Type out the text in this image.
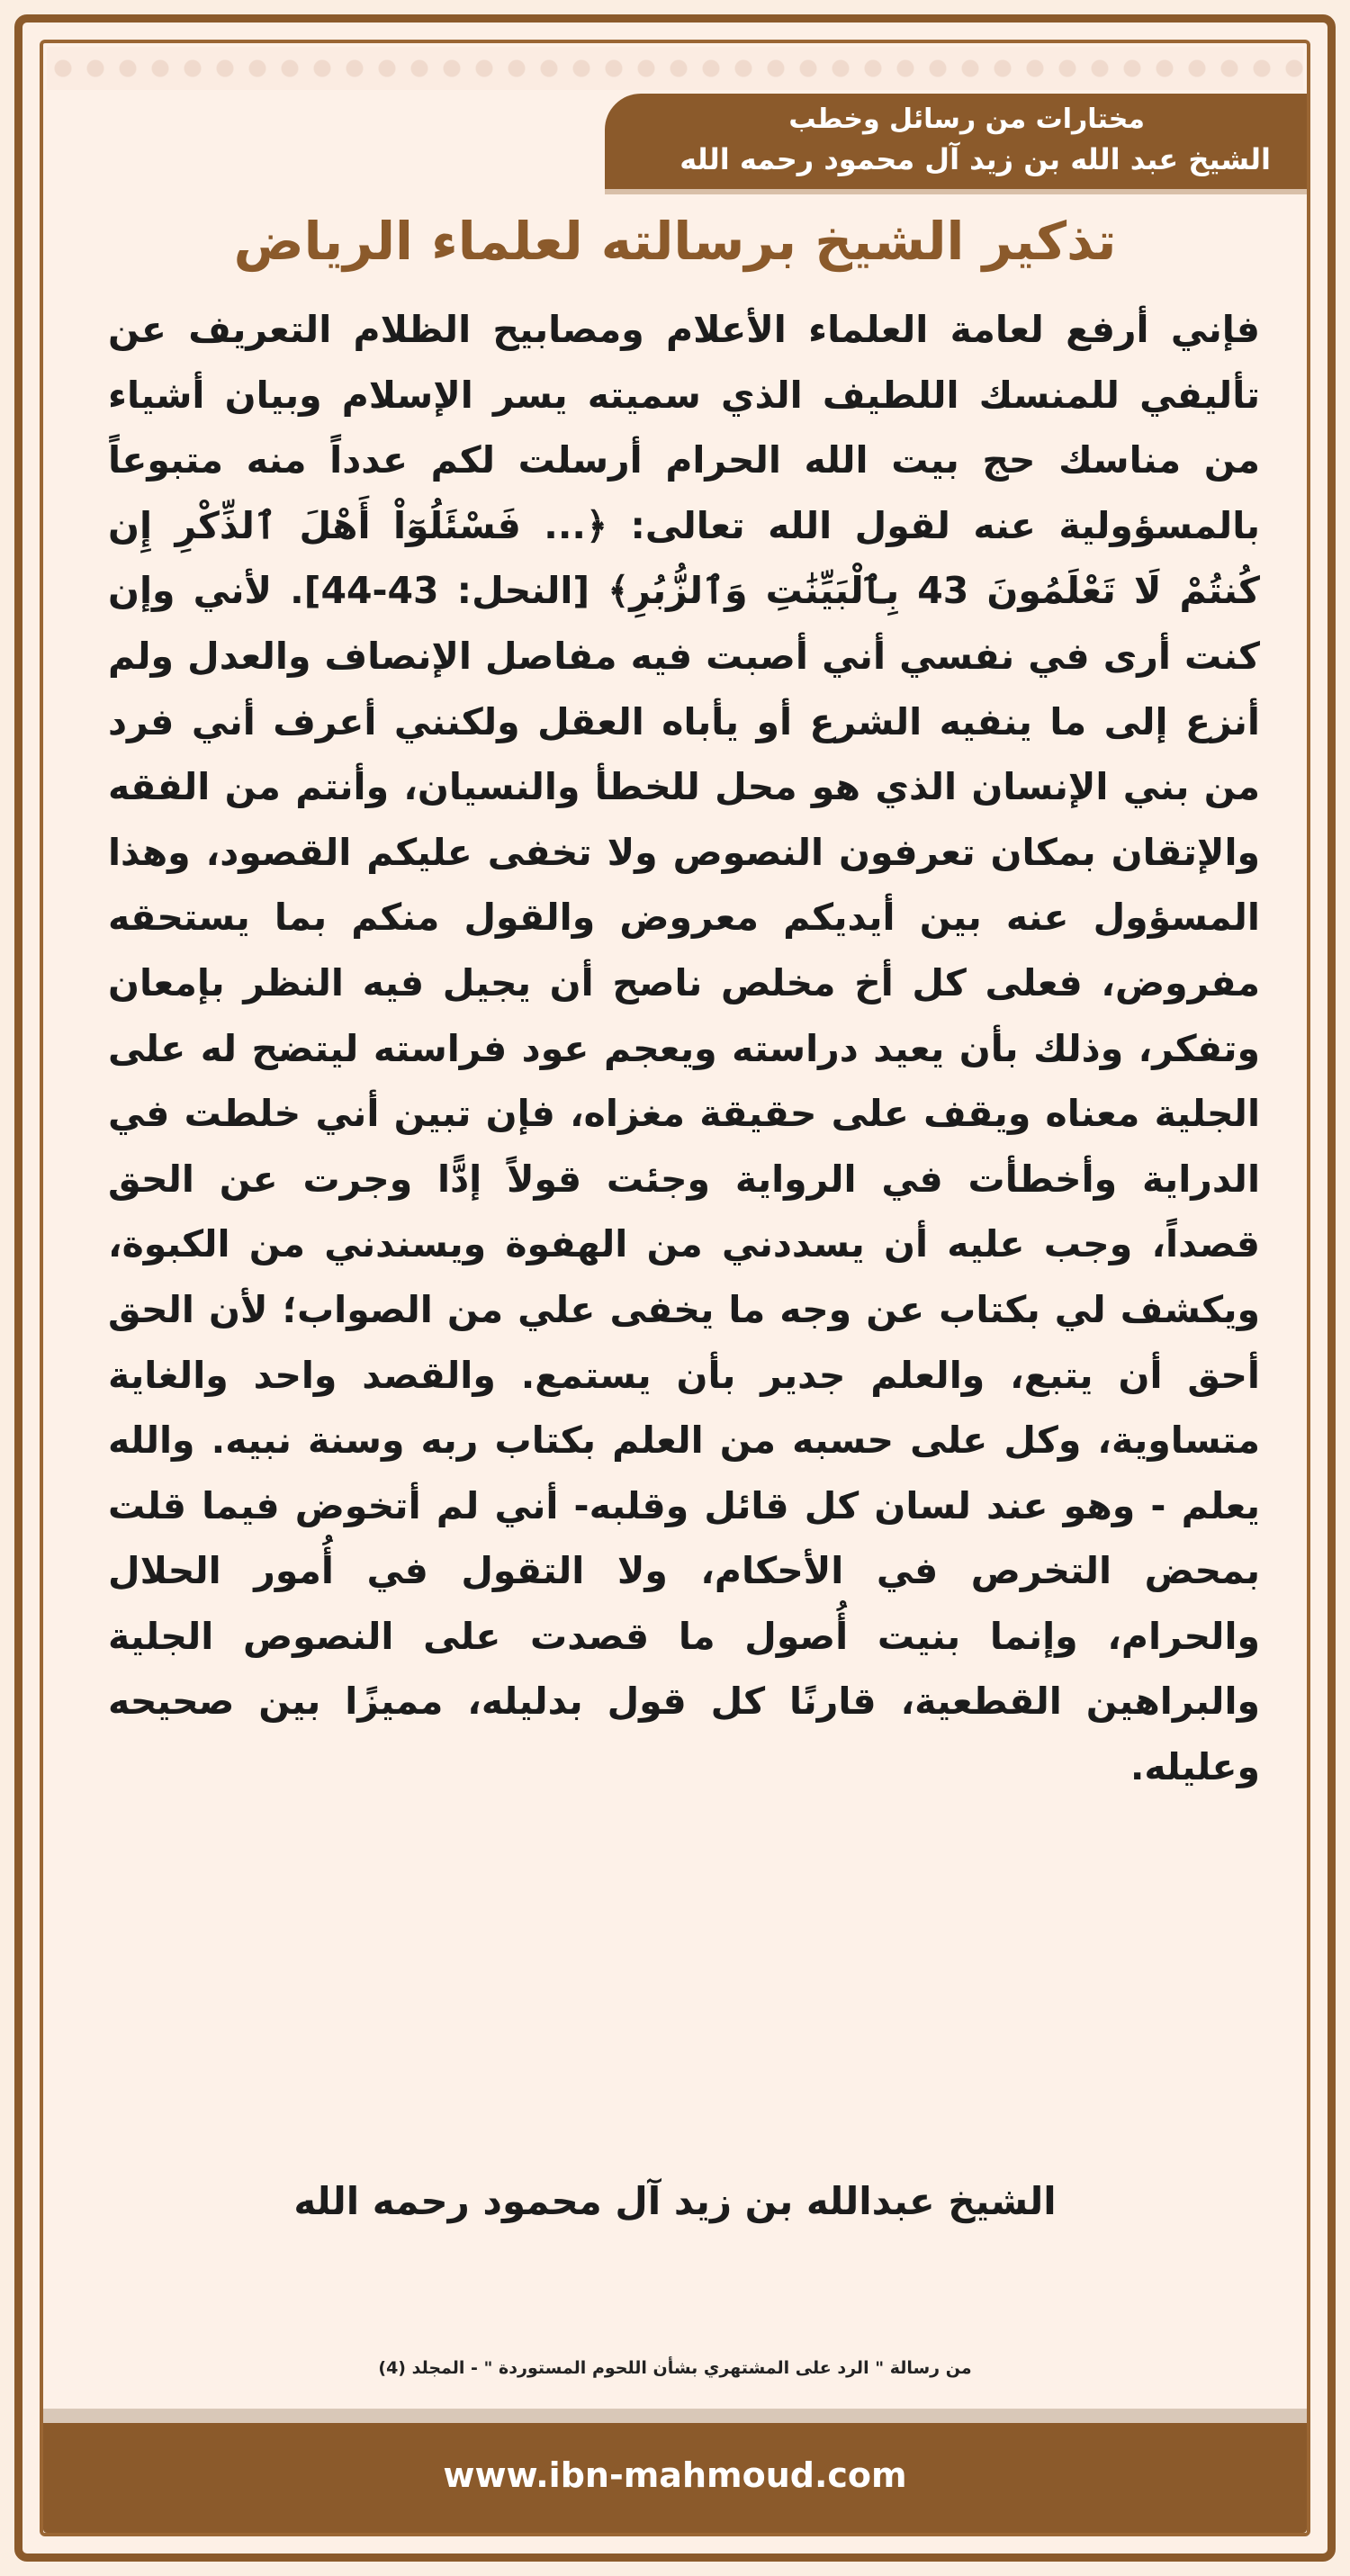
مختارات من رسائل وخطب
الشيخ عبد الله بن زيد آل محمود رحمه الله
تذكير الشيخ برسالته لعلماء الرياض
فإني أرفع لعامة العلماء الأعلام ومصابيح الظلام التعريف عن تأليفي للمنسك اللطيف الذي سميته يسر الإسلام وبيان أشياء من مناسك حج بيت الله الحرام أرسلت لكم عدداً منه متبوعاً بالمسؤولية عنه لقول الله تعالى: ﴿... فَسْئَلُوٓاْ أَهْلَ ٱلذِّكْرِ إِن كُنتُمْ لَا تَعْلَمُونَ 43 بِٱلْبَيِّنَٰتِ وَٱلزُّبُرِ﴾ [النحل: 43-44]. لأني وإن كنت أرى في نفسي أني أصبت فيه مفاصل الإنصاف والعدل ولم أنزع إلى ما ينفيه الشرع أو يأباه العقل ولكنني أعرف أني فرد من بني الإنسان الذي هو محل للخطأ والنسيان، وأنتم من الفقه والإتقان بمكان تعرفون النصوص ولا تخفى عليكم القصود، وهذا المسؤول عنه بين أيديكم معروض والقول منكم بما يستحقه مفروض، فعلى كل أخ مخلص ناصح أن يجيل فيه النظر بإمعان وتفكر، وذلك بأن يعيد دراسته ويعجم عود فراسته ليتضح له على الجلية معناه ويقف على حقيقة مغزاه، فإن تبين أني خلطت في الدراية وأخطأت في الرواية وجئت قولاً إدًّا وجرت عن الحق قصداً، وجب عليه أن يسددني من الهفوة ويسندني من الكبوة، ويكشف لي بكتاب عن وجه ما يخفى علي من الصواب؛ لأن الحق أحق أن يتبع، والعلم جدير بأن يستمع. والقصد واحد والغاية متساوية، وكل على حسبه من العلم بكتاب ربه وسنة نبيه. والله يعلم - وهو عند لسان كل قائل وقلبه- أني لم أتخوض فيما قلت بمحض التخرص في الأحكام، ولا التقول في أُمور الحلال والحرام، وإنما بنيت أُصول ما قصدت على النصوص الجلية والبراهين القطعية، قارنًا كل قول بدليله، مميزًا بين صحيحه وعليله.
الشيخ عبدالله بن زيد آل محمود رحمه الله
من رسالة " الرد على المشتهري بشأن اللحوم المستوردة " - المجلد (4)
www.ibn-mahmoud.com
